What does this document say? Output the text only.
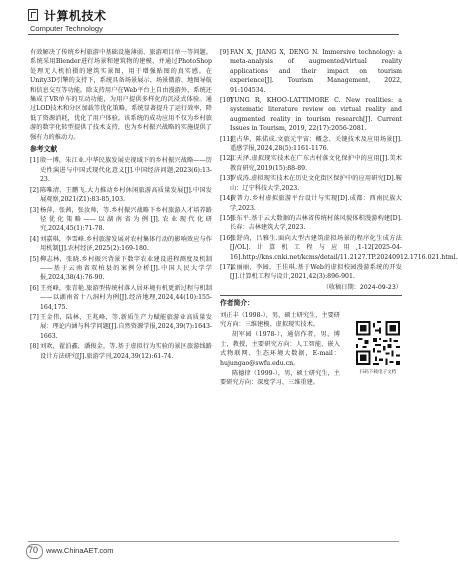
计算机技术
Computer Technology

有效解决了传统乡村旅游中基础设施薄弱、旅游项目单一等问题。系统采用Blender进行场景和建筑物的建模，并通过PhotoShop处理无人机拍摄的建筑实景图，用于增强贴图的真实感。在Unity3D引擎的支持下，系统具备场景展示、场景微游、地图导航和信息交互等功能。除支持用户在Web平台上自由漫游外，系统还集成了VR单车的互动功能，为用户提供多样化的沉浸式体验。通过LOD技术和分区加载等优化策略，系统显著提升了运行效率，降低了资源消耗，优化了用户体验。该系统的成功应用不仅为乡村旅游的数字化转型提供了技术支持，也为乡村振兴战略的实施提供了强有力的推动力。

参考文献
[1] 殷一博，朱江业.中华民族发展史视域下的乡村振兴战略——历史性演进与中国式现代化意义[J].中国经济问题,2023(6):13-23.
[2] 陈唯清，王鹏飞.大力推动乡村休闲旅游高质量发展[J].中国发展观察,2021(Z1):83-85,103.
[3] 杨萍，张茜，张汝帅，等.乡村振兴战略下乡村旅游人才培养路径优化策略——以湖南省为例[J].农业现代化研究,2024,45(1):71-78.
[4] 刘嘉琪，李雪峰.乡村旅游发展对农村集体行动的影响效应与作用机制[J].农村经济,2025(2):169-180.
[5] 柳志林，张晓.乡村振兴背景下数字农业建设进程测度及机制——基于云南省双柏县的案例分析[J].中国人民大学学报,2024,38(4):76-90.
[6] 王亮峰，张青艳.旅游型传统村落人居环境有机更新过程与机制——以湖南省十八洞村为例[J].经济地理,2024,44(10):155-164,175.
[7] 王金伟，陆林，王兆峰，等.新质生产力赋能旅游业高质量发展：理论内涵与科学问题[J].自然资源学报,2024,39(7):1643-1663.
[8] 刘欢，翟泊鑫，潘俊金，等.基于虚拟行为实验的景区旅游线路设计方法研究[J].旅游学刊,2024,39(12):61-74.
[9] FAN X, JIANG X, DENG N. Immersive technology: a meta-analysis of augmented/virtual reality applications and their impact on tourism experience[J]. Tourism Management, 2022, 91:104534.
[10]
YUNG R, KHOO-LATTIMORE C. New realities: a systematic literature review on virtual reality and augmented reality in tourism research[J]. Current Issues in Tourism, 2019, 22(17):2056-2081.
[11]
范占华，陈偌成.文旅元宇宙：概念、关键技术及应用场景[J].遥感学报,2024,28(5):1161-1176.
[12]
江天泽.虚拟现实技术在广东古村落文化保护中的应用[J].美术教育研究,2019(15):88-89.
[13]
罗成涛.虚拟现实技术在历史文化街区保护中的应用研究[D].鞍山：辽宁科技大学,2023.
[14]
黄普力.乡村虚拟旅游平台设计与实现[D].成都：西南民族大学,2023.
[15]
张东平.基于云大数据的吉林省传统村落风貌体积漫游构建[D].长春：吉林建筑大学,2023.
[16]
张舒尚，吕雅生.面向大型古建筑虚拟场景的程序化生成方法[J/OL].计算机工程与应用,1-12[2025-04-16].http://kns.cnki.net/kcms/detail/11.2127.TP.20240912.1716.021.html.
[17]
孟丽丽，李园，王佳琪.基于Web的虚拟校园漫游系统的开发[J].计算机工程与设计,2021,42(3):896-901.
（收稿日期：2024-09-23）
作者简介：

刘正丰（1998-），男，硕士研究生，主要研究方向：三维建模、虚拟现实技术。

胡军园（1978-），通信作者，男，博士，教授，主要研究方向：人工智能、嵌入式物联网、生态环境大数据，E-mail：hujungao@swfu.edu.cn。

陈德律（1999-），男，硕士研究生，主要研究方向：深度学习、三维重建。

扫码下载电子文档
70 www.ChinaAET.com
